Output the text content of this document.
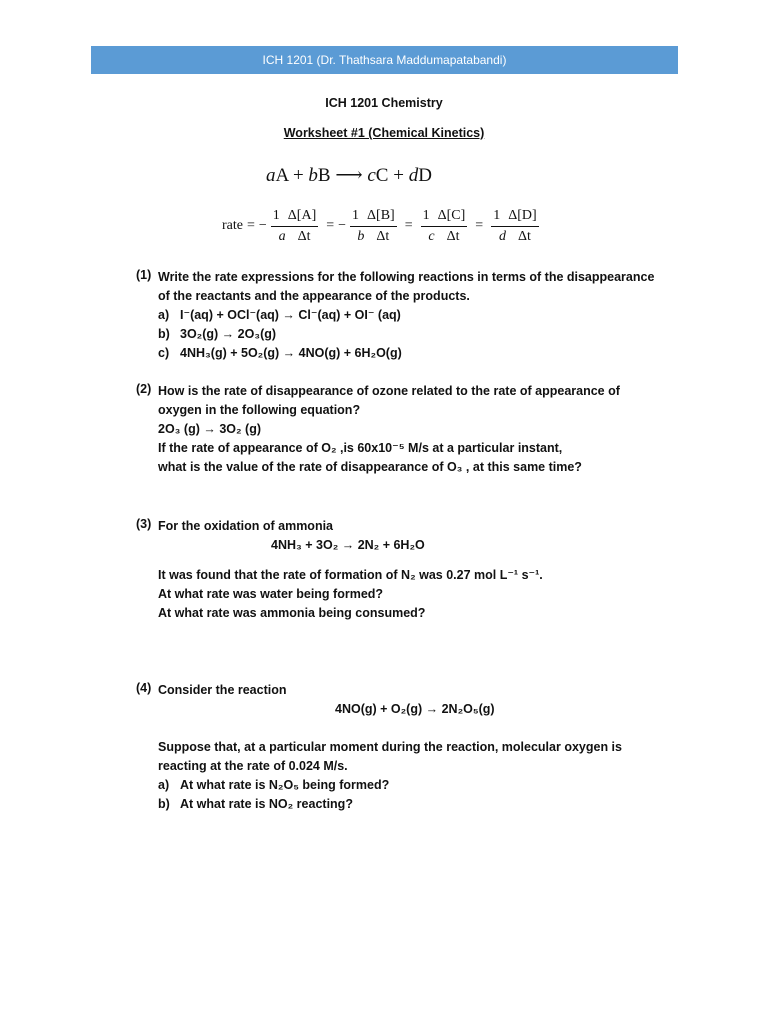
ICH 1201 (Dr. Thathsara Maddumapatabandi)
ICH 1201 Chemistry
Worksheet #1 (Chemical Kinetics)
aA + bB ⟶ cC + dD
rate = − $\frac{1 \Delta[A]}{\text{a Δt}}$ = − $\frac{1 \Delta[B]}{\text{b Δt}} = \frac{1 \Delta[C]}{\text{c Δt}} = \frac{1 \Delta[D]}{\text{d Δt}}$
(1) Write the rate expressions for the following reactions in terms of the disappearance
of the reactants and the appearance of the products.
a) I⁻(aq) + OCl⁻(aq) → Cl⁻(aq) + OI⁻ (aq)
b) 3O₂(g) → 2O₃(g)
c) 4NH₃(g) + 5O₂(g) → 4NO(g) + 6H₂O(g)
(2) How is the rate of disappearance of ozone related to the rate of appearance of
oxygen in the following equation?
2O₃ (g) → 3O₂ (g)
If the rate of appearance of O₂ ,is 60x10⁻⁵ M/s at a particular instant,
what is the value of the rate of disappearance of O₃ , at this same time?
(3) For the oxidation of ammonia
4NH₃ + 3O₂ → 2N₂ + 6H₂O
It was found that the rate of formation of N₂ was 0.27 mol L⁻¹ s⁻¹.
At what rate was water being formed?
At what rate was ammonia being consumed?
(4) Consider the reaction
4NO(g) + O₂(g) → 2N₂O₅(g)
Suppose that, at a particular moment during the reaction, molecular oxygen is
reacting at the rate of 0.024 M/s.
a) At what rate is N₂O₅ being formed?
b) At what rate is NO₂ reacting?
